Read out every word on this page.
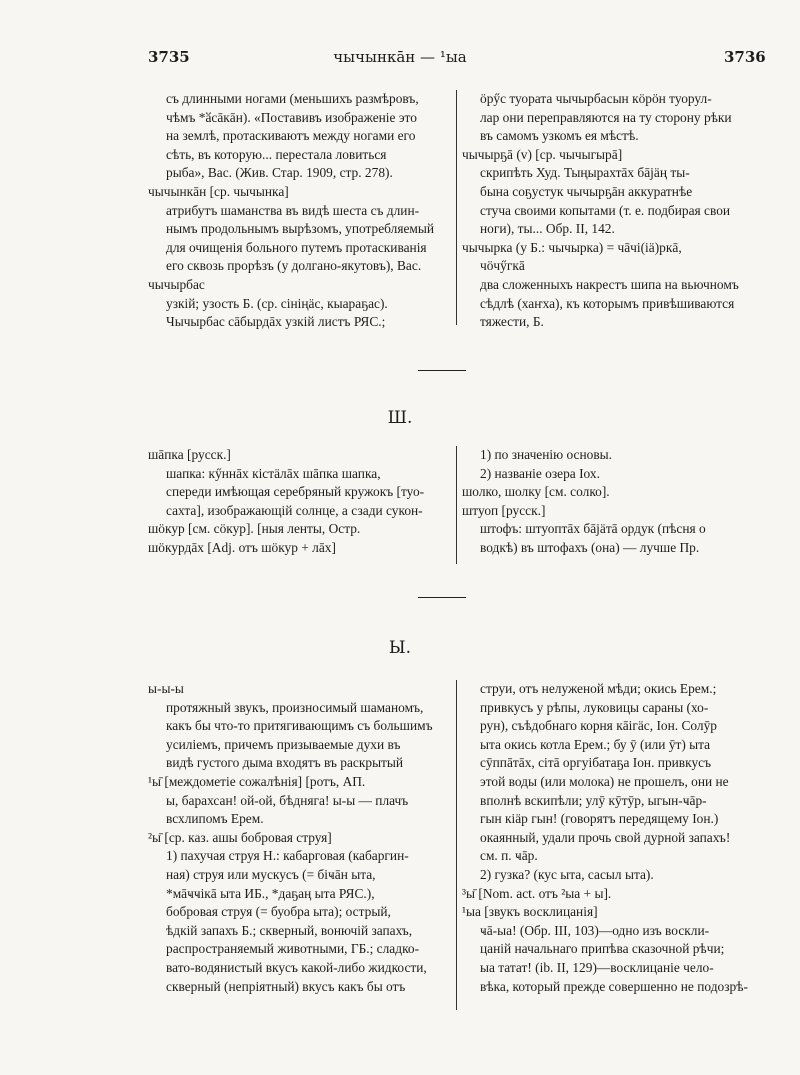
3735	чычынкāн — ¹ыа	3736
съ длинными ногами (меньшихъ размѣровъ,
чѣмъ *ӑсāкāн). «Поставивъ изображеніе это
на землѣ, протаскиваютъ между ногами его
сѣть, въ которую... перестала ловиться
рыба», Вас. (Жив. Стар. 1909, стр. 278).
чычынкāн [ср. чычынка]
атрибутъ шаманства въ видѣ шеста съ длин-
нымъ продольнымъ вырѣзомъ, употребляемый
для очищенія больного путемъ протаскиванія
его сквозь прорѣзъ (у долгано-якутовъ), Вас.
чычырбас
узкій; узость Б. (ср. сініңӓс, кыараҕас).
Чычырбас сāбырдāх узкій листъ РЯС.;
ӧрӳс туората чычырбасын кӧрӧн туорул-
лар они переправляются на ту сторону рѣки
въ самомъ узкомъ ея мѣстѣ.
чычырҕā (v) [ср. чычыгырā]
скрипѣть Худ. Тыңырахтāх бājӓң ты-
бына соҕустук чычырҕāн аккуратнѣе
стуча своими копытами (т. е. подбирая свои
ноги), ты... Обр. II, 142.
чычырка (у Б.: чычырка) = чāчі(іӓ)ркā,
чӧчӳгкā
два сложенныхъ накрестъ шипа на вьючномъ
сѣдлѣ (хаҥха), къ которымъ привѣшиваются
тяжести, Б.
Ш.
шāпка [русск.]
шапка: кӳннāх кістӓлāх шāпка шапка,
спереди имѣющая серебряный кружокъ [туо-
сахта], изображающій солнце, а сзади сукон-
шӧкур [см. сӧкур]. [ныя ленты, Остр.
шӧкурдāх [Adj. отъ шӧкур + лāх]
1) по значенію основы.
2) названіе озера Iох.
шолко, шолку [см. солко].
штуоп [русск.]
штофъ: штуоптāх бājӓтā ордук (пѣсня о
водкѣ) въ штофахъ (она) — лучше Пр.
Ы.
ы-ы-ы
протяжный звукъ, произносимый шаманомъ,
какъ бы что-то притягивающимъ съ большимъ
усиліемъ, причемъ призываемые духи въ
видѣ густого дыма входятъ въ раскрытый
¹ы̄ [междометіе сожалѣнія] [ротъ, АП.
ы, барахсан! ой-ой, бѣдняга! ы-ы — плачъ
всхлипомъ Ерем.
²ы̄ [ср. каз. ашы бобровая струя]
1) пахучая струя Н.: кабарговая (кабаргин-
ная) струя или мускусъ (= біҹāн ыта,
*мāҹҹікā ыта ИБ., *даҕаң ыта РЯС.),
бобровая струя (= буобра ыта); острый,
ѣдкій запахъ Б.; скверный, вонючій запахъ,
распространяемый животными, ГБ.; сладко-
вато-водянистый вкусъ какой-либо жидкости,
скверный (непріятный) вкусъ какъ бы отъ
струи, отъ нелуженой мѣди; окись Ерем.;
привкусъ у рѣпы, луковицы сараны (хо-
рун), съѣдобнаго корня кāігӓс, Iон. Солӯр
ыта окись котла Ерем.; бу ӯ (или ӯт) ыта
сӯппāтāх, сітā оргуібатаҕа Iон. привкусъ
этой воды (или молока) не прошелъ, они не
вполнѣ вскипѣли; улӯ кӯтӯр, ыгын-ҹāр-
гын кіӓр гын! (говорятъ передящему Iон.)
окаянный, удали прочь свой дурной запахъ!
см. п. ҹāр.
2) гузка? (кус ыта, сасыл ыта).
³ы̄ [Nom. act. отъ ²ыа + ы].
¹ыа [звукъ восклицанія]
ҹā-ыа! (Обр. III, 103)—одно изъ воскли-
цаній начальнаго припѣва сказочной рѣчи;
ыа татат! (ib. II, 129)—восклицаніе чело-
вѣка, который прежде совершенно не подозрѣ-
